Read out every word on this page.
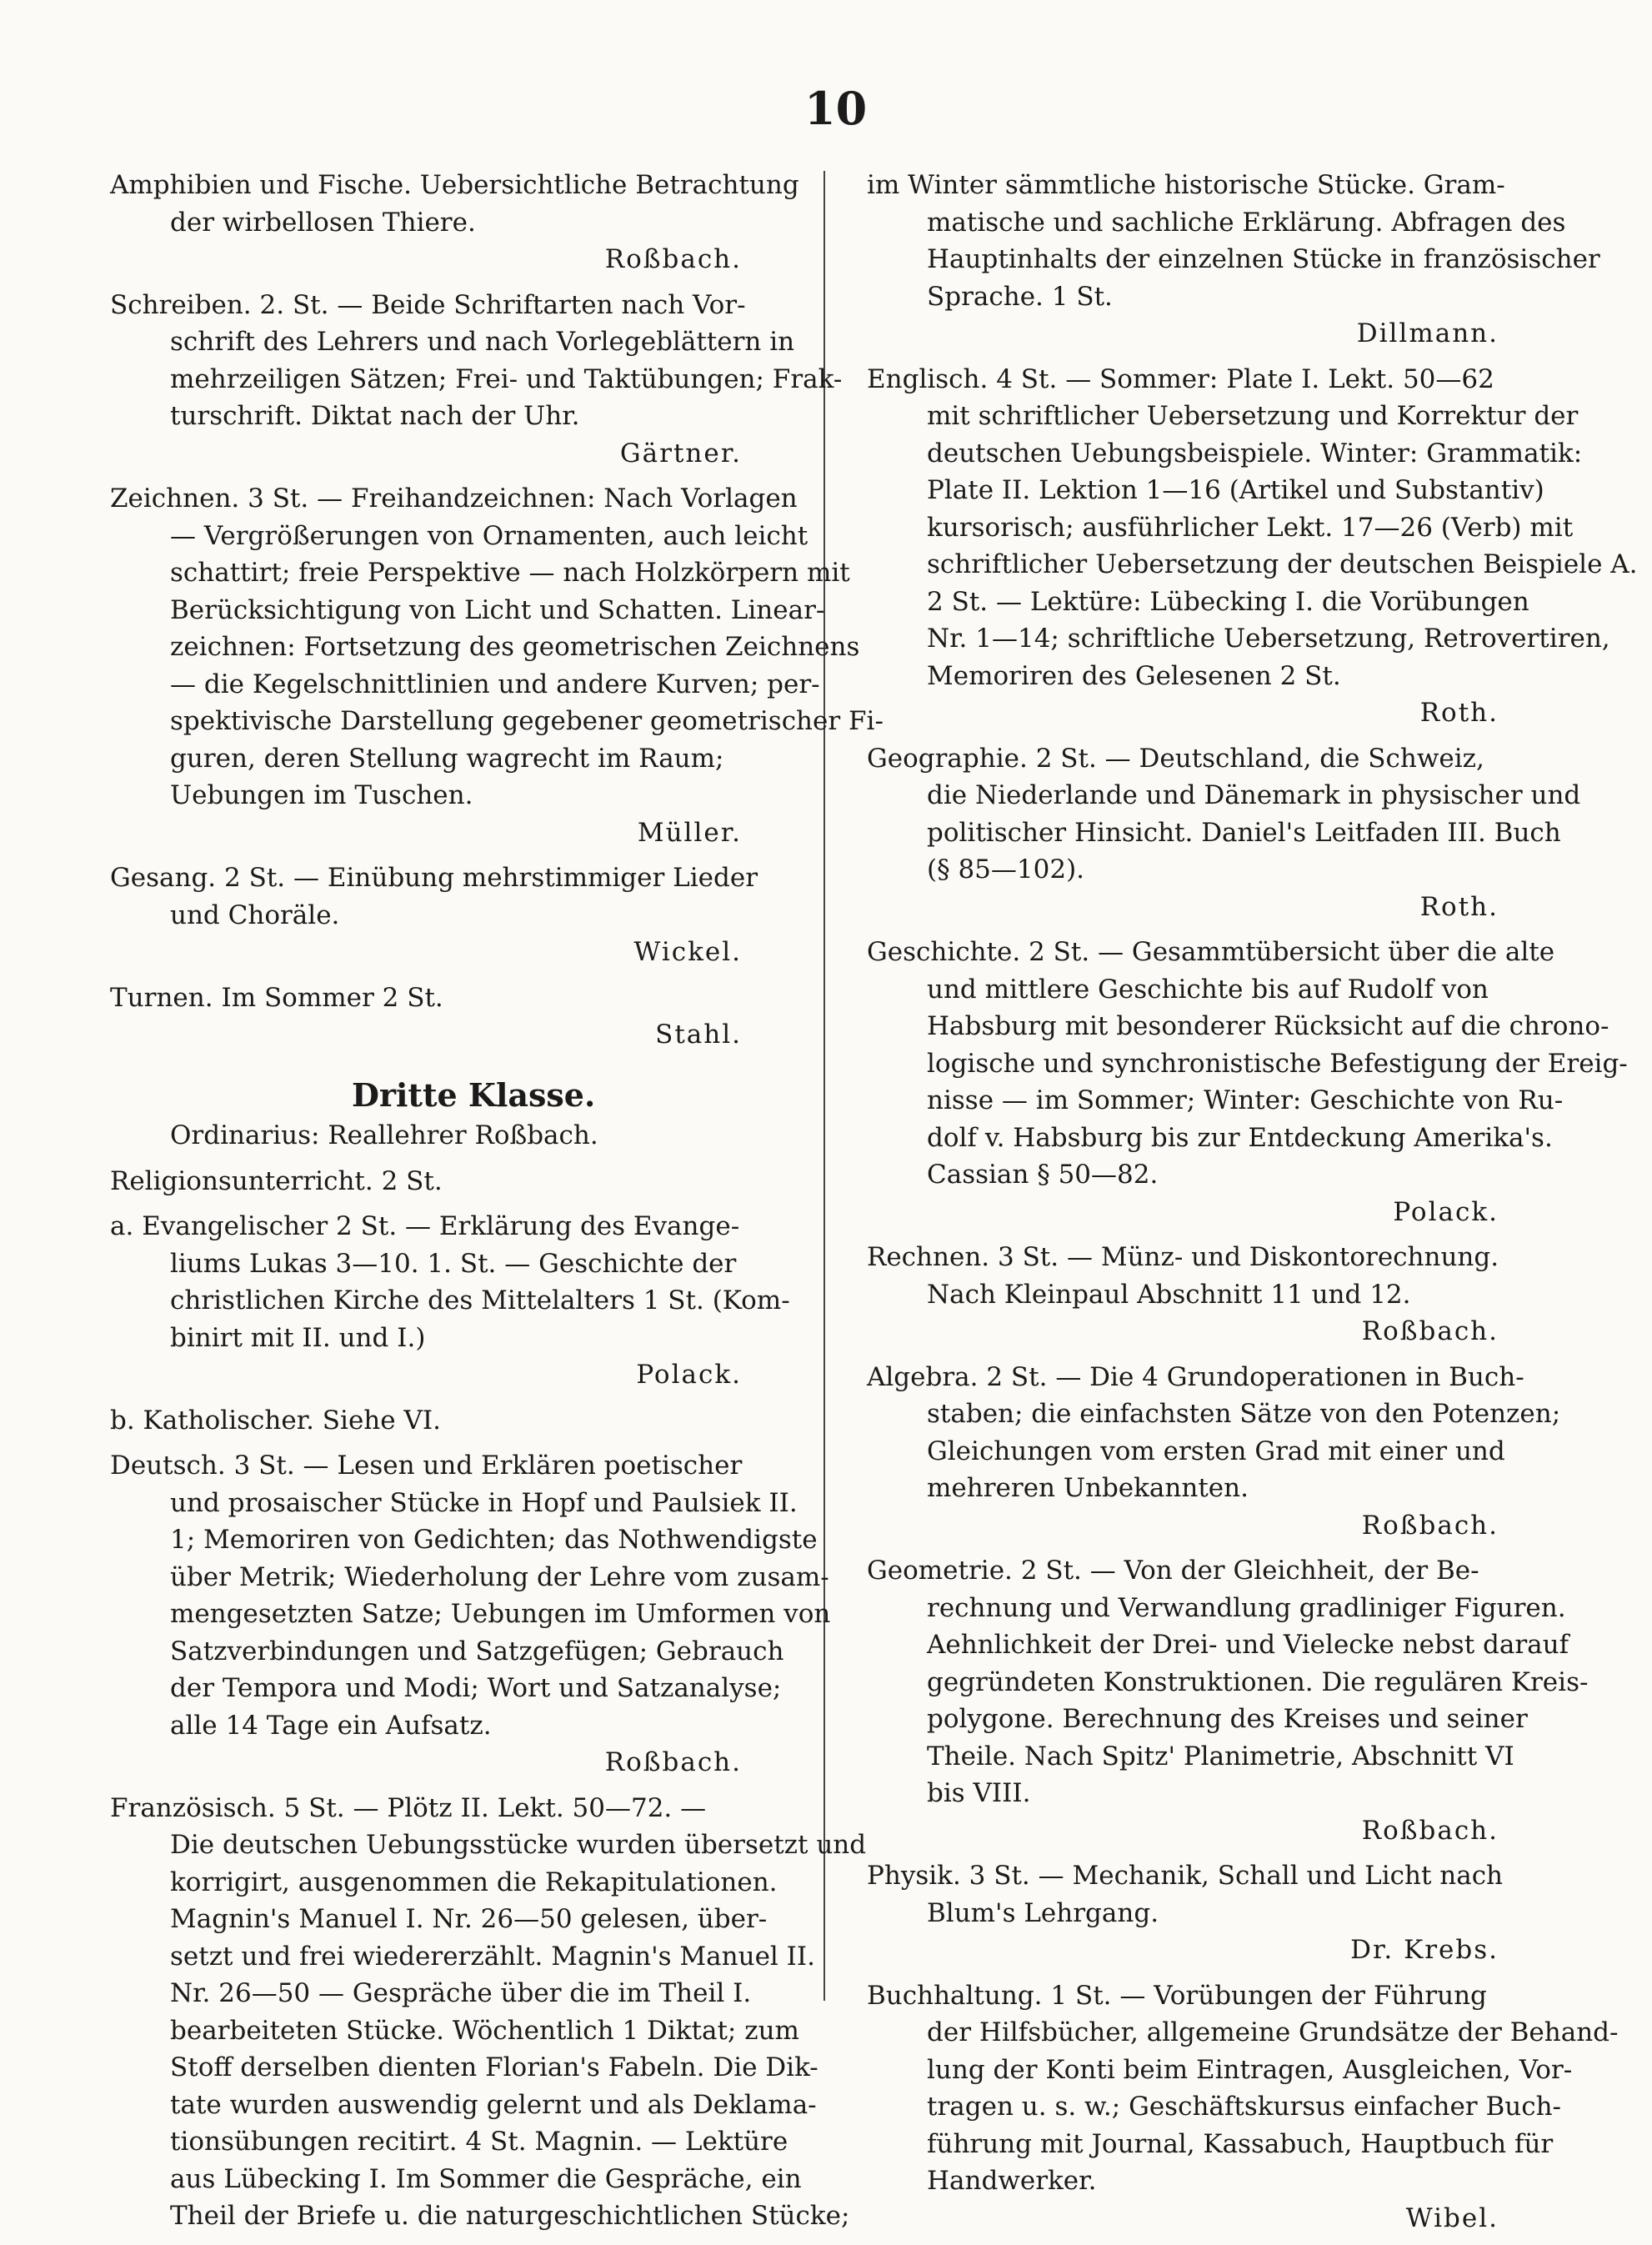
10
Amphibien und Fische. Uebersichtliche Betrachtung
der wirbellosen Thiere.
Roßbach.
Schreiben. 2. St. — Beide Schriftarten nach Vor-
schrift des Lehrers und nach Vorlegeblättern in
mehrzeiligen Sätzen; Frei- und Taktübungen; Frak-
turschrift. Diktat nach der Uhr.
Gärtner.
Zeichnen. 3 St. — Freihandzeichnen: Nach Vorlagen
— Vergrößerungen von Ornamenten, auch leicht
schattirt; freie Perspektive — nach Holzkörpern mit
Berücksichtigung von Licht und Schatten. Linear-
zeichnen: Fortsetzung des geometrischen Zeichnens
— die Kegelschnittlinien und andere Kurven; per-
spektivische Darstellung gegebener geometrischer Fi-
guren, deren Stellung wagrecht im Raum;
Uebungen im Tuschen.
Müller.
Gesang. 2 St. — Einübung mehrstimmiger Lieder
und Choräle.
Wickel.
Turnen. Im Sommer 2 St.
Stahl.
Dritte Klasse.
Ordinarius: Reallehrer Roßbach.
Religionsunterricht. 2 St.
a. Evangelischer 2 St. — Erklärung des Evange-
liums Lukas 3—10. 1. St. — Geschichte der
christlichen Kirche des Mittelalters 1 St. (Kom-
binirt mit II. und I.)
Polack.
b. Katholischer. Siehe VI.
Deutsch. 3 St. — Lesen und Erklären poetischer
und prosaischer Stücke in Hopf und Paulsiek II.
1; Memoriren von Gedichten; das Nothwendigste
über Metrik; Wiederholung der Lehre vom zusam-
mengesetzten Satze; Uebungen im Umformen von
Satzverbindungen und Satzgefügen; Gebrauch
der Tempora und Modi; Wort und Satzanalyse;
alle 14 Tage ein Aufsatz.
Roßbach.
Französisch. 5 St. — Plötz II. Lekt. 50—72. —
Die deutschen Uebungsstücke wurden übersetzt und
korrigirt, ausgenommen die Rekapitulationen.
Magnin's Manuel I. Nr. 26—50 gelesen, über-
setzt und frei wiedererzählt. Magnin's Manuel II.
Nr. 26—50 — Gespräche über die im Theil I.
bearbeiteten Stücke. Wöchentlich 1 Diktat; zum
Stoff derselben dienten Florian's Fabeln. Die Dik-
tate wurden auswendig gelernt und als Deklama-
tionsübungen recitirt. 4 St. Magnin. — Lektüre
aus Lübecking I. Im Sommer die Gespräche, ein
Theil der Briefe u. die naturgeschichtlichen Stücke;
im Winter sämmtliche historische Stücke. Gram-
matische und sachliche Erklärung. Abfragen des
Hauptinhalts der einzelnen Stücke in französischer
Sprache. 1 St.
Dillmann.
Englisch. 4 St. — Sommer: Plate I. Lekt. 50—62
mit schriftlicher Uebersetzung und Korrektur der
deutschen Uebungsbeispiele. Winter: Grammatik:
Plate II. Lektion 1—16 (Artikel und Substantiv)
kursorisch; ausführlicher Lekt. 17—26 (Verb) mit
schriftlicher Uebersetzung der deutschen Beispiele A.
2 St. — Lektüre: Lübecking I. die Vorübungen
Nr. 1—14; schriftliche Uebersetzung, Retrovertiren,
Memoriren des Gelesenen 2 St.
Roth.
Geographie. 2 St. — Deutschland, die Schweiz,
die Niederlande und Dänemark in physischer und
politischer Hinsicht. Daniel's Leitfaden III. Buch
(§ 85—102).
Roth.
Geschichte. 2 St. — Gesammtübersicht über die alte
und mittlere Geschichte bis auf Rudolf von
Habsburg mit besonderer Rücksicht auf die chrono-
logische und synchronistische Befestigung der Ereig-
nisse — im Sommer; Winter: Geschichte von Ru-
dolf v. Habsburg bis zur Entdeckung Amerika's.
Cassian § 50—82.
Polack.
Rechnen. 3 St. — Münz- und Diskontorechnung.
Nach Kleinpaul Abschnitt 11 und 12.
Roßbach.
Algebra. 2 St. — Die 4 Grundoperationen in Buch-
staben; die einfachsten Sätze von den Potenzen;
Gleichungen vom ersten Grad mit einer und
mehreren Unbekannten.
Roßbach.
Geometrie. 2 St. — Von der Gleichheit, der Be-
rechnung und Verwandlung gradliniger Figuren.
Aehnlichkeit der Drei- und Vielecke nebst darauf
gegründeten Konstruktionen. Die regulären Kreis-
polygone. Berechnung des Kreises und seiner
Theile. Nach Spitz' Planimetrie, Abschnitt VI
bis VIII.
Roßbach.
Physik. 3 St. — Mechanik, Schall und Licht nach
Blum's Lehrgang.
Dr. Krebs.
Buchhaltung. 1 St. — Vorübungen der Führung
der Hilfsbücher, allgemeine Grundsätze der Behand-
lung der Konti beim Eintragen, Ausgleichen, Vor-
tragen u. s. w.; Geschäftskursus einfacher Buch-
führung mit Journal, Kassabuch, Hauptbuch für
Handwerker.
Wibel.
